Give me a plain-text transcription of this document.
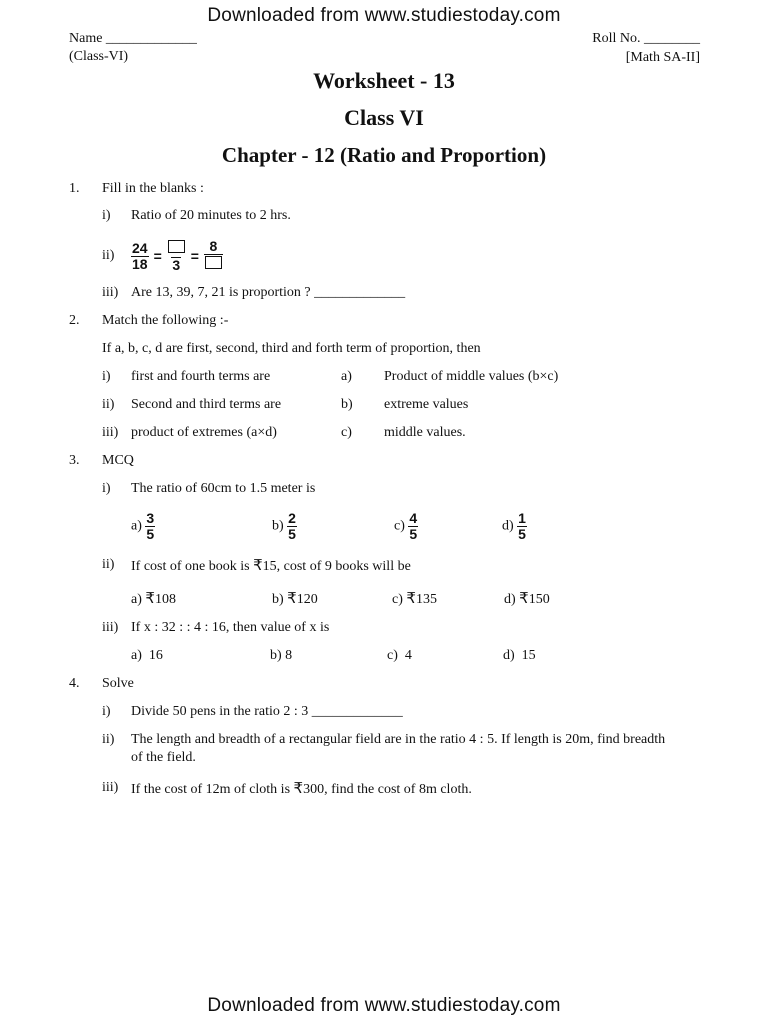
Downloaded from www.studiestoday.com
Name _____________
(Class-VI)
Roll No. ________
[Math SA-II]
Worksheet - 13
Class VI
Chapter - 12 (Ratio and Proportion)
1. Fill in the blanks :
i) Ratio of 20 minutes to 2 hrs.
$ii) \frac{24}{18}$ =
3
=
8
iii) Are 13, 39, 7, 21 is proportion ? _____________
2. Match the following :-
If a, b, c, d are first, second, third and forth term of proportion, then
i) first and fourth terms are	a) Product of middle values (b×c)
ii) Second and third terms are	b) extreme values
iii) product of extremes (a×d)	c) middle values.
3. MCQ
i) The ratio of 60cm to 1.5 meter is
$a) \frac{3}{5}$	$b) \frac{2}{5}$	$c) \frac{4}{5}$	$d) \frac{1}{5}$
ii) If cost of one book is ₹15, cost of 9 books will be
a) ₹108	b) ₹120	c) ₹135	d) ₹150
iii) If x : 32 : : 4 : 16, then value of x is
a) 16	b) 8	c) 4	d) 15
4. Solve
i) Divide 50 pens in the ratio 2 : 3 _____________
ii) The length and breadth of a rectangular field are in the ratio 4 : 5. If length is 20m, find breadth
of the field.
iii) If the cost of 12m of cloth is ₹300, find the cost of 8m cloth.
Downloaded from www.studiestoday.com
